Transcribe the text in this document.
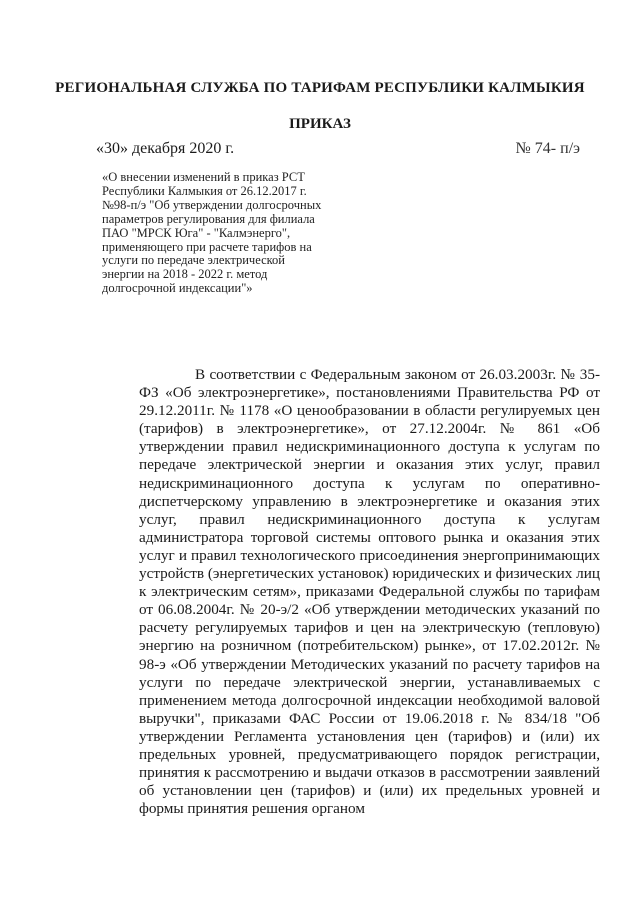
РЕГИОНАЛЬНАЯ СЛУЖБА ПО ТАРИФАМ РЕСПУБЛИКИ КАЛМЫКИЯ
ПРИКАЗ
«30» декабря 2020 г.	№ 74- п/э
«О внесении изменений в приказ РСТ Республики Калмыкия от 26.12.2017 г. №98-п/э "Об утверждении долгосрочных параметров регулирования для филиала ПАО "МРСК Юга" - "Калмэнерго", применяющего при расчете тарифов на услуги по передаче электрической энергии на 2018 - 2022 г. метод долгосрочной индексации"»

В соответствии с Федеральным законом от 26.03.2003г. № 35-ФЗ «Об электроэнергетике», постановлениями Правительства РФ от 29.12.2011г. № 1178 «О ценообразовании в области регулируемых цен (тарифов) в электроэнергетике», от 27.12.2004г. № 861 «Об утверждении правил недискриминационного доступа к услугам по передаче электрической энергии и оказания этих услуг, правил недискриминационного доступа к услугам по оперативно-диспетчерскому управлению в электроэнергетике и оказания этих услуг, правил недискриминационного доступа к услугам администратора торговой системы оптового рынка и оказания этих услуг и правил технологического присоединения энергопринимающих устройств (энергетических установок) юридических и физических лиц к электрическим сетям», приказами Федеральной службы по тарифам от 06.08.2004г. № 20-э/2 «Об утверждении методических указаний по расчету регулируемых тарифов и цен на электрическую (тепловую) энергию на розничном (потребительском) рынке», от 17.02.2012г. № 98-э «Об утверждении Методических указаний по расчету тарифов на услуги по передаче электрической энергии, устанавливаемых с применением метода долгосрочной индексации необходимой валовой выручки", приказами ФАС России от 19.06.2018 г. № 834/18 "Об утверждении Регламента установления цен (тарифов) и (или) их предельных уровней, предусматривающего порядок регистрации, принятия к рассмотрению и выдачи отказов в рассмотрении заявлений об установлении цен (тарифов) и (или) их предельных уровней и формы принятия решения органом
